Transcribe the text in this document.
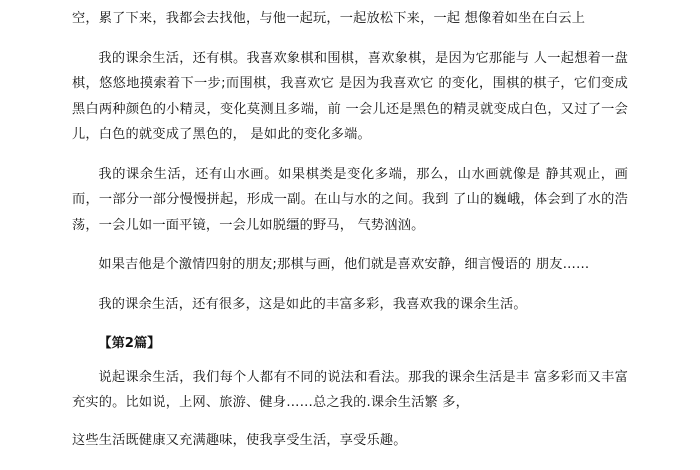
空，累了下来，我都会去找他，与他一起玩，一起放松下来，一起 想像着如坐在白云上

我的课余生活，还有棋。我喜欢象棋和围棋，喜欢象棋，是因为它那能与 人一起想着一盘棋，悠悠地摸索着下一步;而围棋，我喜欢它 是因为我喜欢它 的变化，围棋的棋子，它们变成黑白两种颜色的小精灵，变化莫测且多端，前 一会儿还是黑色的精灵就变成白色，又过了一会儿，白色的就变成了黑色的， 是如此的变化多端。

我的课余生活，还有山水画。如果棋类是变化多端，那么，山水画就像是 静其观止，画而，一部分一部分慢慢拼起，形成一副。在山与水的之间。我到 了山的巍峨，体会到了水的浩荡，一会儿如一面平镜，一会儿如脱缰的野马， 气势汹汹。

如果吉他是个激情四射的朋友;那棋与画，他们就是喜欢安静，细言慢语的 朋友……

我的课余生活，还有很多，这是如此的丰富多彩，我喜欢我的课余生活。

【第2篇】

说起课余生活，我们每个人都有不同的说法和看法。那我的课余生活是丰 富多彩而又丰富充实的。比如说，上网、旅游、健身……总之我的.课余生活繁 多，

这些生活既健康又充满趣味，使我享受生活，享受乐趣。
